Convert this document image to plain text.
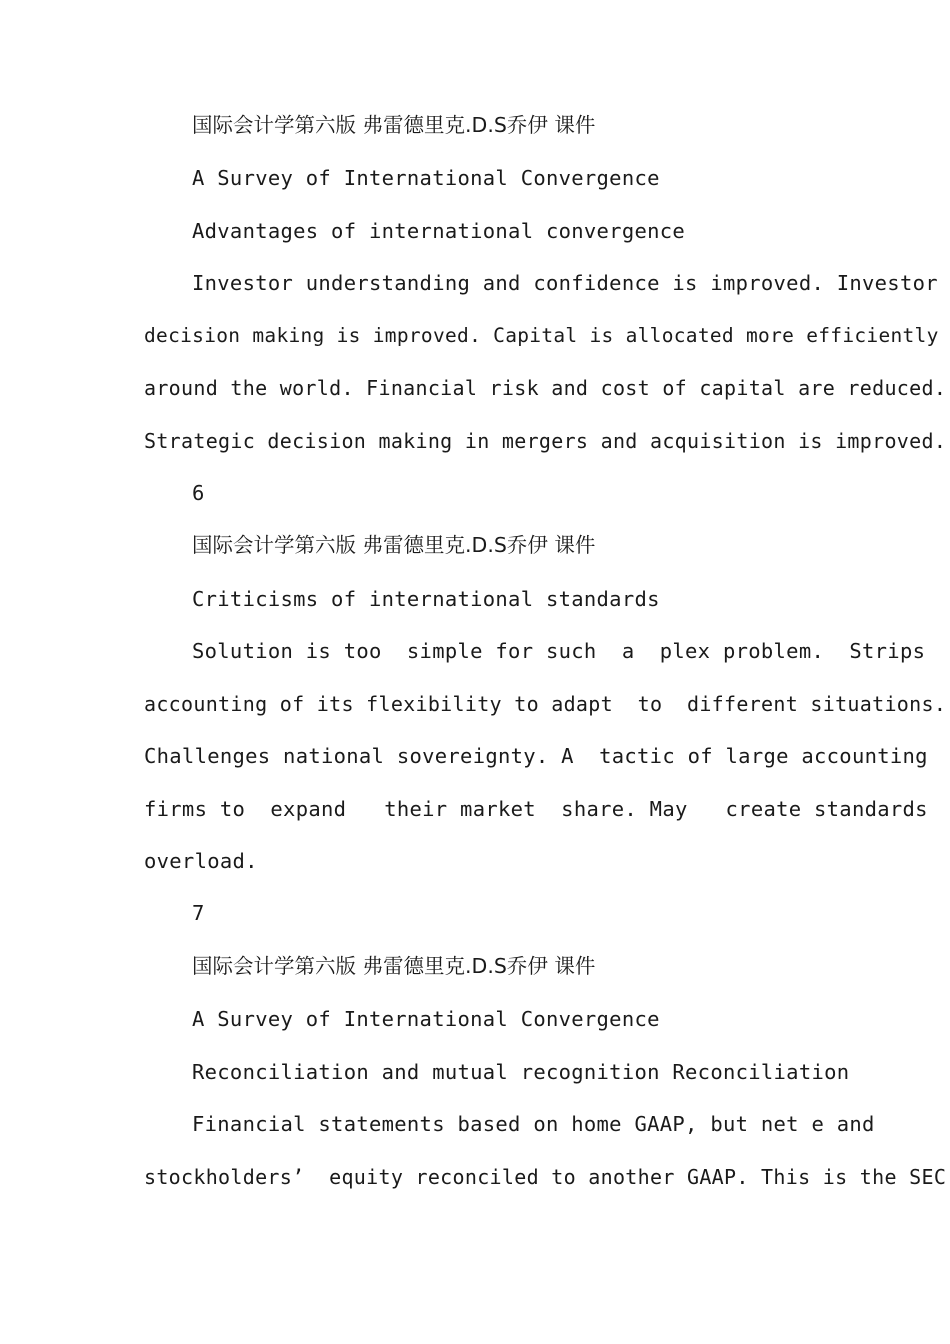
国际会计学第六版 弗雷德里克.D.S乔伊 课件
A Survey of International Convergence
Advantages of international convergence
Investor understanding and confidence is improved. Investor
decision making is improved. Capital is allocated more efficiently
around the world. Financial risk and cost of capital are reduced.
Strategic decision making in mergers and acquisition is improved.
6
国际会计学第六版 弗雷德里克.D.S乔伊 课件
Criticisms of international standards
Solution is too  simple for such  a  plex problem.  Strips
accounting of its flexibility to adapt  to  different situations.
Challenges national sovereignty. A  tactic of large accounting
firms to  expand   their market  share. May   create standards
overload.
7
国际会计学第六版 弗雷德里克.D.S乔伊 课件
A Survey of International Convergence
Reconciliation and mutual recognition Reconciliation
Financial statements based on home GAAP, but net e and
stockholders’  equity reconciled to another GAAP. This is the SEC
